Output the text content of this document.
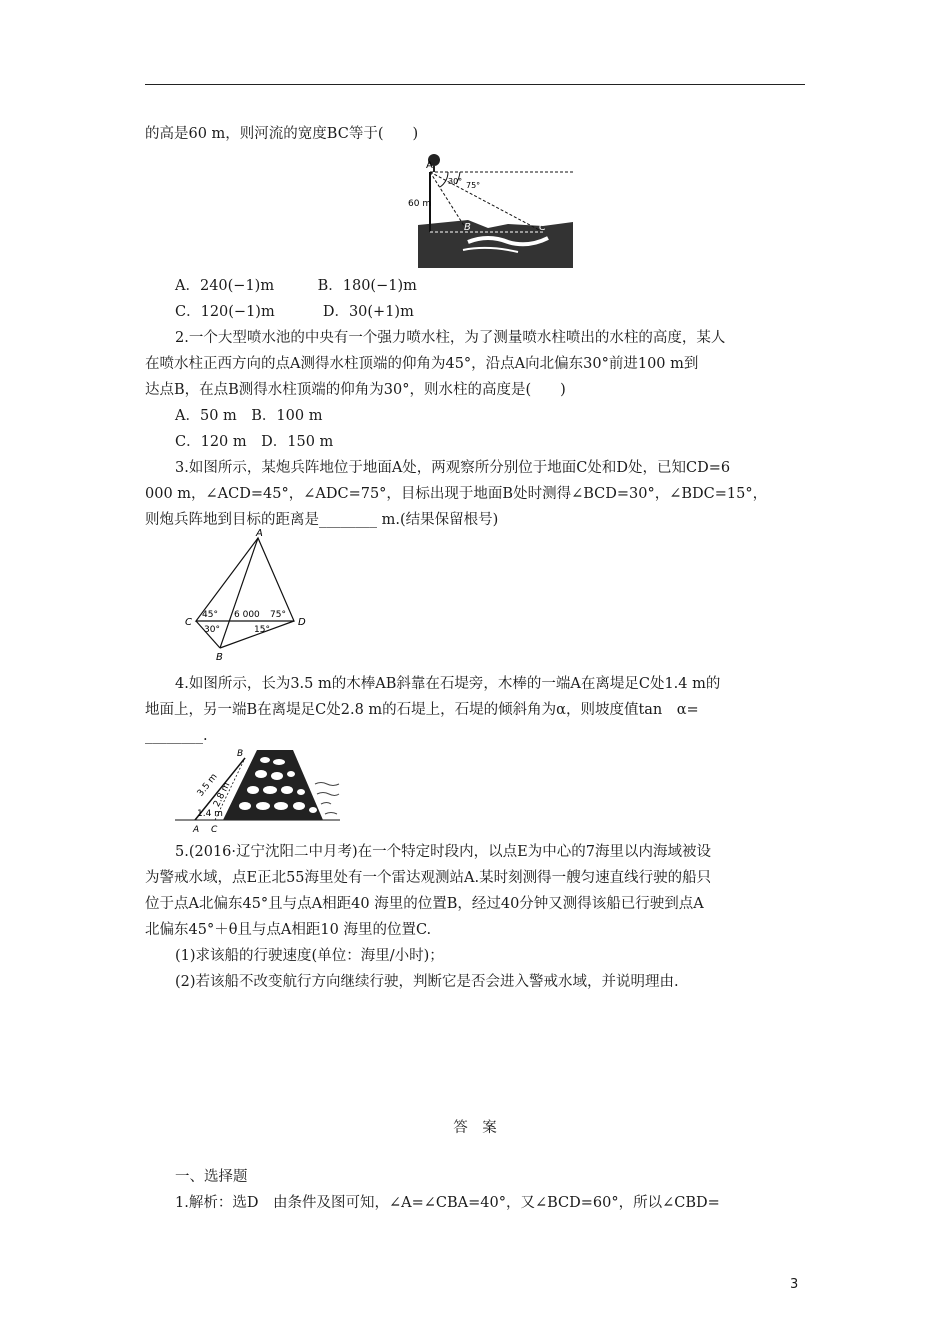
的高是60 m，则河流的宽度BC等于(　　)
A
60 m
30° 75°
B	C
A．240(−1)m　　　B．180(−1)m
C．120(−1)m　　　 D．30(+1)m
2.一个大型喷水池的中央有一个强力喷水柱，为了测量喷水柱喷出的水柱的高度，某人
在喷水柱正西方向的点A测得水柱顶端的仰角为45°，沿点A向北偏东30°前进100 m到
达点B，在点B测得水柱顶端的仰角为30°，则水柱的高度是(　　)
A．50 m　B．100 m
C．120 m　D．150 m
3.如图所示，某炮兵阵地位于地面A处，两观察所分别位于地面C处和D处，已知CD=6
000 m，∠ACD=45°，∠ADC=75°，目标出现于地面B处时测得∠BCD=30°，∠BDC=15°，
则炮兵阵地到目标的距离是________ m.(结果保留根号)
A
C	D
B
45° 6 000 75°
30°	15°
4.如图所示，长为3.5 m的木棒AB斜靠在石堤旁，木棒的一端A在离堤足C处1.4 m的
地面上，另一端B在离堤足C处2.8 m的石堤上，石堤的倾斜角为α，则坡度值tan　α=
________.
B
A C
3.5 m
2.8 m
1.4 m
5.(2016·辽宁沈阳二中月考)在一个特定时段内，以点E为中心的7海里以内海域被设
为警戒水域，点E正北55海里处有一个雷达观测站A.某时刻测得一艘匀速直线行驶的船只
位于点A北偏东45°且与点A相距40 海里的位置B，经过40分钟又测得该船已行驶到点A
北偏东45°＋θ且与点A相距10 海里的位置C.
(1)求该船的行驶速度(单位：海里/小时)；
(2)若该船不改变航行方向继续行驶，判断它是否会进入警戒水域，并说明理由.
答　案
一、选择题
1.解析：选D　由条件及图可知，∠A=∠CBA=40°，又∠BCD=60°，所以∠CBD=
3
